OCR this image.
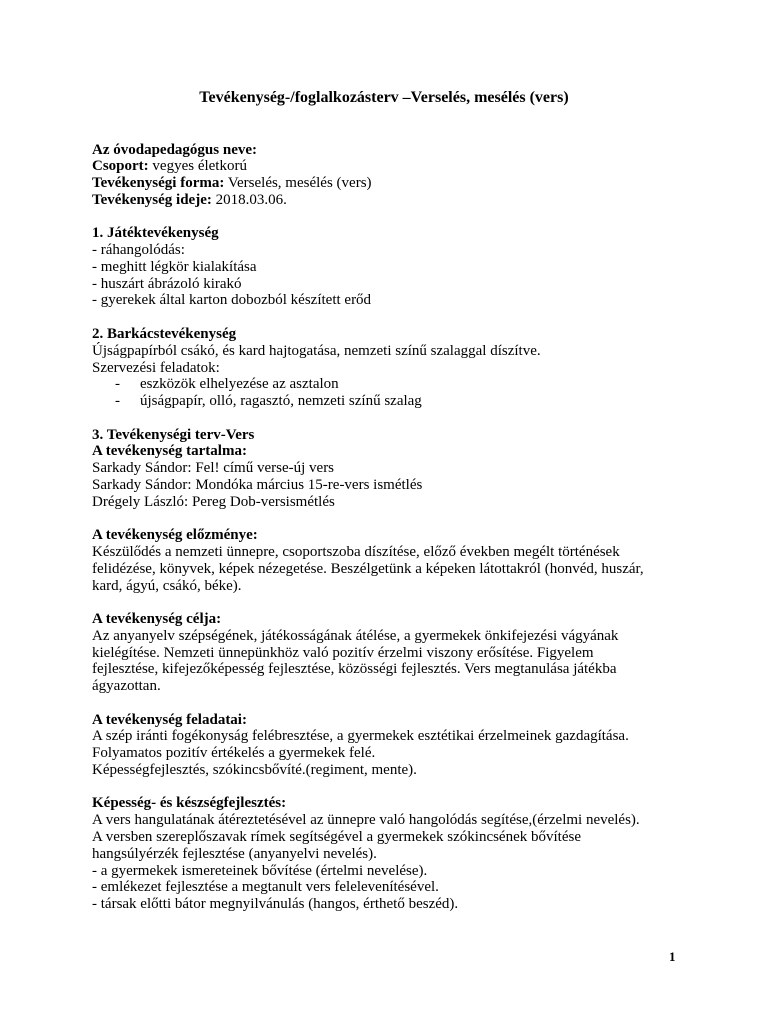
Tevékenység-/foglalkozásterv –Verselés, mesélés (vers)
Az óvodapedagógus neve:
Csoport: vegyes életkorú
Tevékenységi forma: Verselés, mesélés (vers)
Tevékenység ideje: 2018.03.06.
1. Játéktevékenység
- ráhangolódás:
- meghitt légkör kialakítása
- huszárt ábrázoló kirakó
- gyerekek által karton dobozból készített erőd
2. Barkácstevékenység
Újságpapírból csákó, és kard hajtogatása, nemzeti színű szalaggal díszítve.
Szervezési feladatok:
-	eszközök elhelyezése az asztalon
-	újságpapír, olló, ragasztó, nemzeti színű szalag
3. Tevékenységi terv-Vers
A tevékenység tartalma:
Sarkady Sándor: Fel! című verse-új vers
Sarkady Sándor: Mondóka március 15-re-vers ismétlés
Drégely László: Pereg Dob-versismétlés
A tevékenység előzménye:
Készülődés a nemzeti ünnepre, csoportszoba díszítése, előző években megélt történések
felidézése, könyvek, képek nézegetése. Beszélgetünk a képeken látottakról (honvéd, huszár,
kard, ágyú, csákó, béke).
A tevékenység célja:
Az anyanyelv szépségének, játékosságának átélése, a gyermekek önkifejezési vágyának
kielégítése. Nemzeti ünnepünkhöz való pozitív érzelmi viszony erősítése. Figyelem
fejlesztése, kifejezőképesség fejlesztése, közösségi fejlesztés. Vers megtanulása játékba
ágyazottan.
A tevékenység feladatai:
A szép iránti fogékonyság felébresztése, a gyermekek esztétikai érzelmeinek gazdagítása.
Folyamatos pozitív értékelés a gyermekek felé.
Képességfejlesztés, szókincsbővíté.(regiment, mente).
Képesség- és készségfejlesztés:
A vers hangulatának átéreztetésével az ünnepre való hangolódás segítése,(érzelmi nevelés).
A versben szereplőszavak rímek segítségével a gyermekek szókincsének bővítése
hangsúlyérzék fejlesztése (anyanyelvi nevelés).
- a gyermekek ismereteinek bővítése (értelmi nevelése).
- emlékezet fejlesztése a megtanult vers felelevenítésével.
- társak előtti bátor megnyilvánulás (hangos, érthető beszéd).
1
